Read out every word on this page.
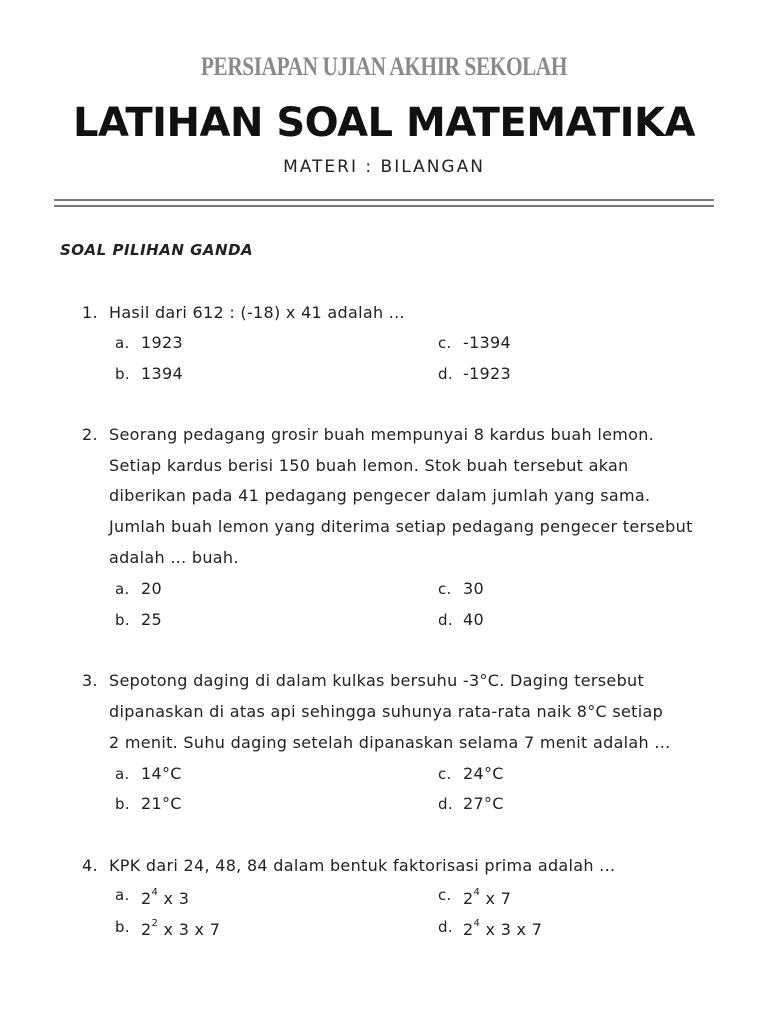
PERSIAPAN UJIAN AKHIR SEKOLAH
LATIHAN SOAL MATEMATIKA
MATERI : BILANGAN
SOAL PILIHAN GANDA
1. Hasil dari 612 : (-18) x 41 adalah ...
a. 1923
b. 1394
c. -1394
d. -1923
2. Seorang pedagang grosir buah mempunyai 8 kardus buah lemon.
Setiap kardus berisi 150 buah lemon. Stok buah tersebut akan
diberikan pada 41 pedagang pengecer dalam jumlah yang sama.
Jumlah buah lemon yang diterima setiap pedagang pengecer tersebut
adalah ... buah.
a. 20
b. 25
c. 30
d. 40
3. Sepotong daging di dalam kulkas bersuhu -3°C. Daging tersebut
dipanaskan di atas api sehingga suhunya rata-rata naik 8°C setiap
2 menit. Suhu daging setelah dipanaskan selama 7 menit adalah ...
a. 14°C
b. 21°C
c. 24°C
d. 27°C
4. KPK dari 24, 48, 84 dalam bentuk faktorisasi prima adalah ...
a. $2^4$ x 3
b. $2^2$ x 3 x 7
c. $2^4$ x 7
d. $2^4$ x 3 x 7
